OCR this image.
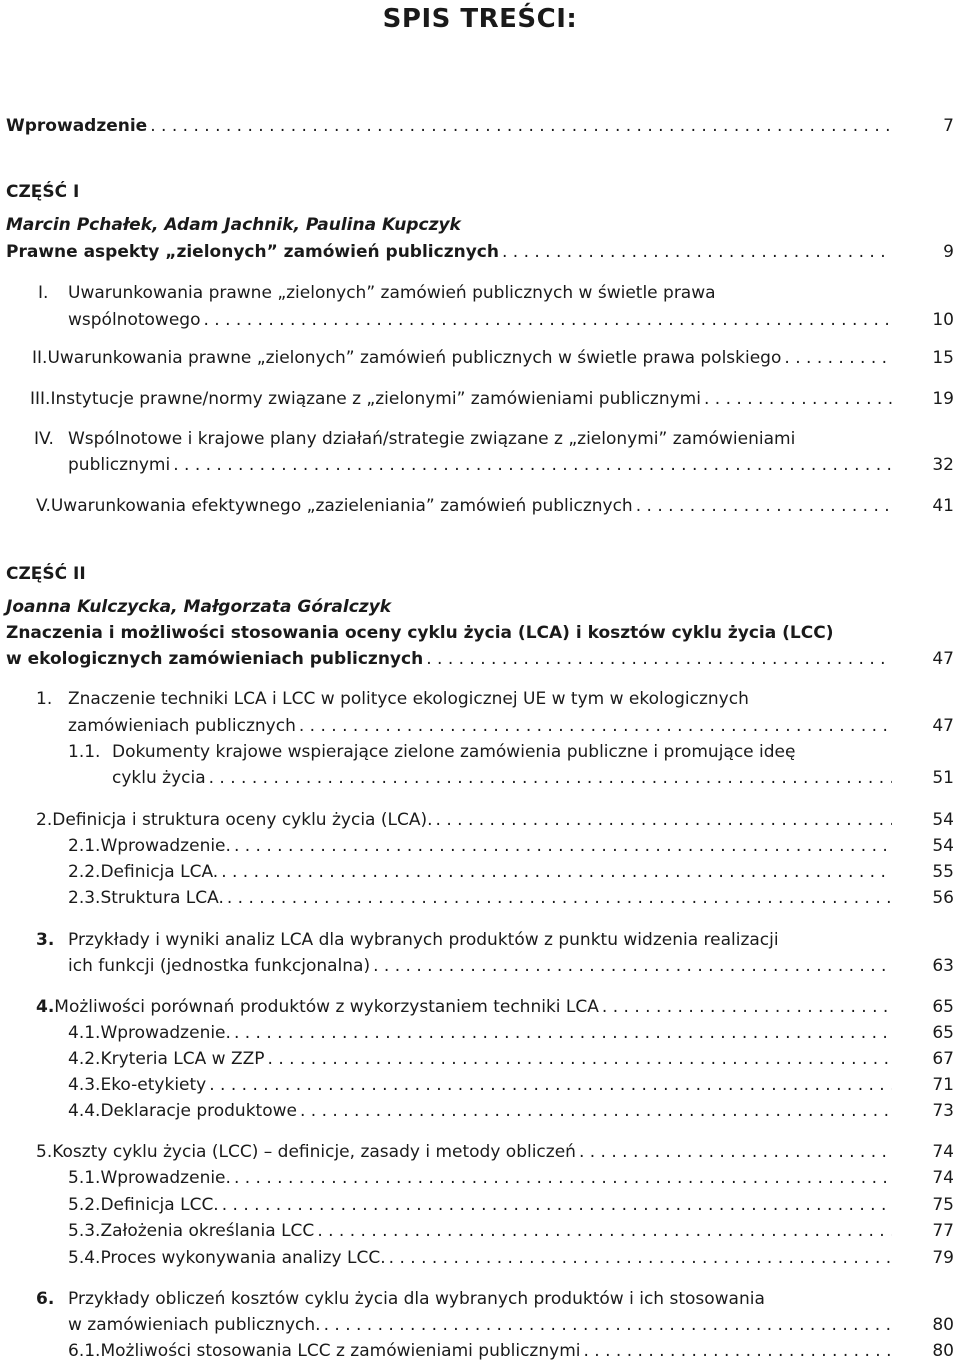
SPIS TREŚCI:
Wprowadzenie . . .	7
CZĘŚĆ I
Marcin Pchałek, Adam Jachnik, Paulina Kupczyk
Prawne aspekty „zielonych” zamówień publicznych . . .	9
I. Uwarunkowania prawne „zielonych” zamówień publicznych w świetle prawa
wspólnotowego . . .	10
II. Uwarunkowania prawne „zielonych” zamówień publicznych w świetle prawa polskiego . . .	15
III. Instytucje prawne/normy związane z „zielonymi” zamówieniami publicznymi . . .	19
IV. Wspólnotowe i krajowe plany działań/strategie związane z „zielonymi” zamówieniami
publicznymi . . .	32
V. Uwarunkowania efektywnego „zazieleniania” zamówień publicznych . . .	41
CZĘŚĆ II
Joanna Kulczycka, Małgorzata Góralczyk
Znaczenia i możliwości stosowania oceny cyklu życia (LCA) i kosztów cyklu życia (LCC)
w ekologicznych zamówieniach publicznych . . .	47
1. Znaczenie techniki LCA i LCC w polityce ekologicznej UE w tym w ekologicznych
zamówieniach publicznych . . .	47
1.1. Dokumenty krajowe wspierające zielone zamówienia publiczne i promujące ideę
cyklu życia . . .	51
2. Definicja i struktura oceny cyklu życia (LCA). . . .	54
2.1. Wprowadzenie. . . .	54
2.2. Definicja LCA. . . .	55
2.3. Struktura LCA. . . .	56
3. Przykłady i wyniki analiz LCA dla wybranych produktów z punktu widzenia realizacji
ich funkcji (jednostka funkcjonalna) . . .	63
4. Możliwości porównań produktów z wykorzystaniem techniki LCA . . .	65
4.1. Wprowadzenie. . . .	65
4.2. Kryteria LCA w ZZP . . .	67
4.3. Eko-etykiety . . .	71
4.4. Deklaracje produktowe . . .	73
5. Koszty cyklu życia (LCC) – definicje, zasady i metody obliczeń . . .	74
5.1. Wprowadzenie. . . .	74
5.2. Definicja LCC. . . .	75
5.3. Założenia określania LCC . . .	77
5.4. Proces wykonywania analizy LCC. . . .	79
6. Przykłady obliczeń kosztów cyklu życia dla wybranych produktów i ich stosowania
w zamówieniach publicznych. . . .	80
6.1. Możliwości stosowania LCC z zamówieniami publicznymi . . .	80
